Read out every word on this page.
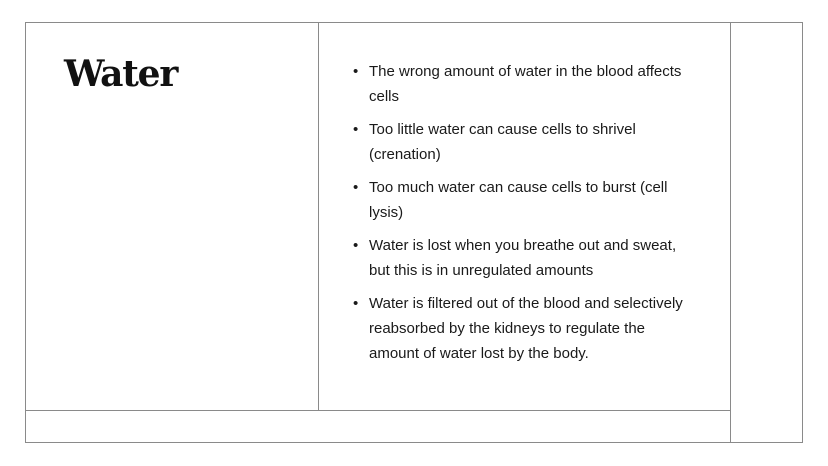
Water	• The wrong amount of water in the blood affects cells
• Too little water can cause cells to shrivel (crenation)
• Too much water can cause cells to burst (cell lysis)
• Water is lost when you breathe out and sweat, but this is in unregulated amounts
• Water is filtered out of the blood and selectively reabsorbed by the kidneys to regulate the amount of water lost by the body.
